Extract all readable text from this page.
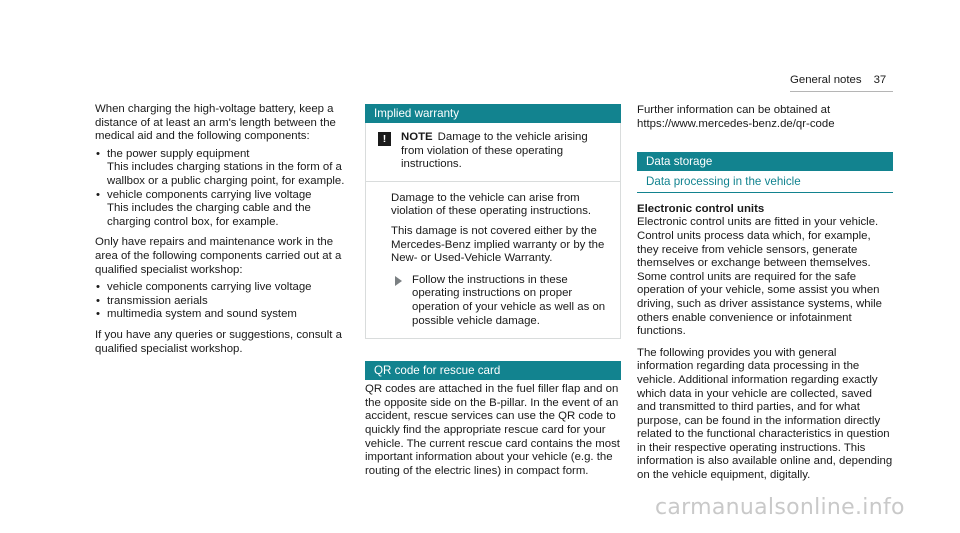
General notes 37

When charging the high-voltage battery, keep a distance of at least an arm's length between the medical aid and the following components:

• the power supply equipment

This includes charging stations in the form of a wallbox or a public charging point, for example.

• vehicle components carrying live voltage

This includes the charging cable and the charging control box, for example.

Only have repairs and maintenance work in the area of the following components carried out at a qualified specialist workshop:

• vehicle components carrying live voltage
• transmission aerials
• multimedia system and sound system

If you have any queries or suggestions, consult a qualified specialist workshop.

Implied warranty
!	NOTE Damage to the vehicle arising from violation of these operating instructions.

Damage to the vehicle can arise from violation of these operating instructions.

This damage is not covered either by the Mercedes-Benz implied warranty or by the New- or Used-Vehicle Warranty.

Follow the instructions in these operating instructions on proper operation of your vehicle as well as on possible vehicle damage.

QR code for rescue card

QR codes are attached in the fuel filler flap and on the opposite side on the B-pillar. In the event of an accident, rescue services can use the QR code to quickly find the appropriate rescue card for your vehicle. The current rescue card contains the most important information about your vehicle (e.g. the routing of the electric lines) in compact form.

Further information can be obtained at https://www.mercedes-benz.de/qr-code

Data storage
Data processing in the vehicle

Electronic control units

Electronic control units are fitted in your vehicle. Control units process data which, for example, they receive from vehicle sensors, generate themselves or exchange between themselves. Some control units are required for the safe operation of your vehicle, some assist you when driving, such as driver assistance systems, while others enable convenience or infotainment functions.

The following provides you with general information regarding data processing in the vehicle. Additional information regarding exactly which data in your vehicle are collected, saved and transmitted to third parties, and for what purpose, can be found in the information directly related to the functional characteristics in question in their respective operating instructions. This information is also available online and, depending on the vehicle equipment, digitally.

carmanualsonline.info
